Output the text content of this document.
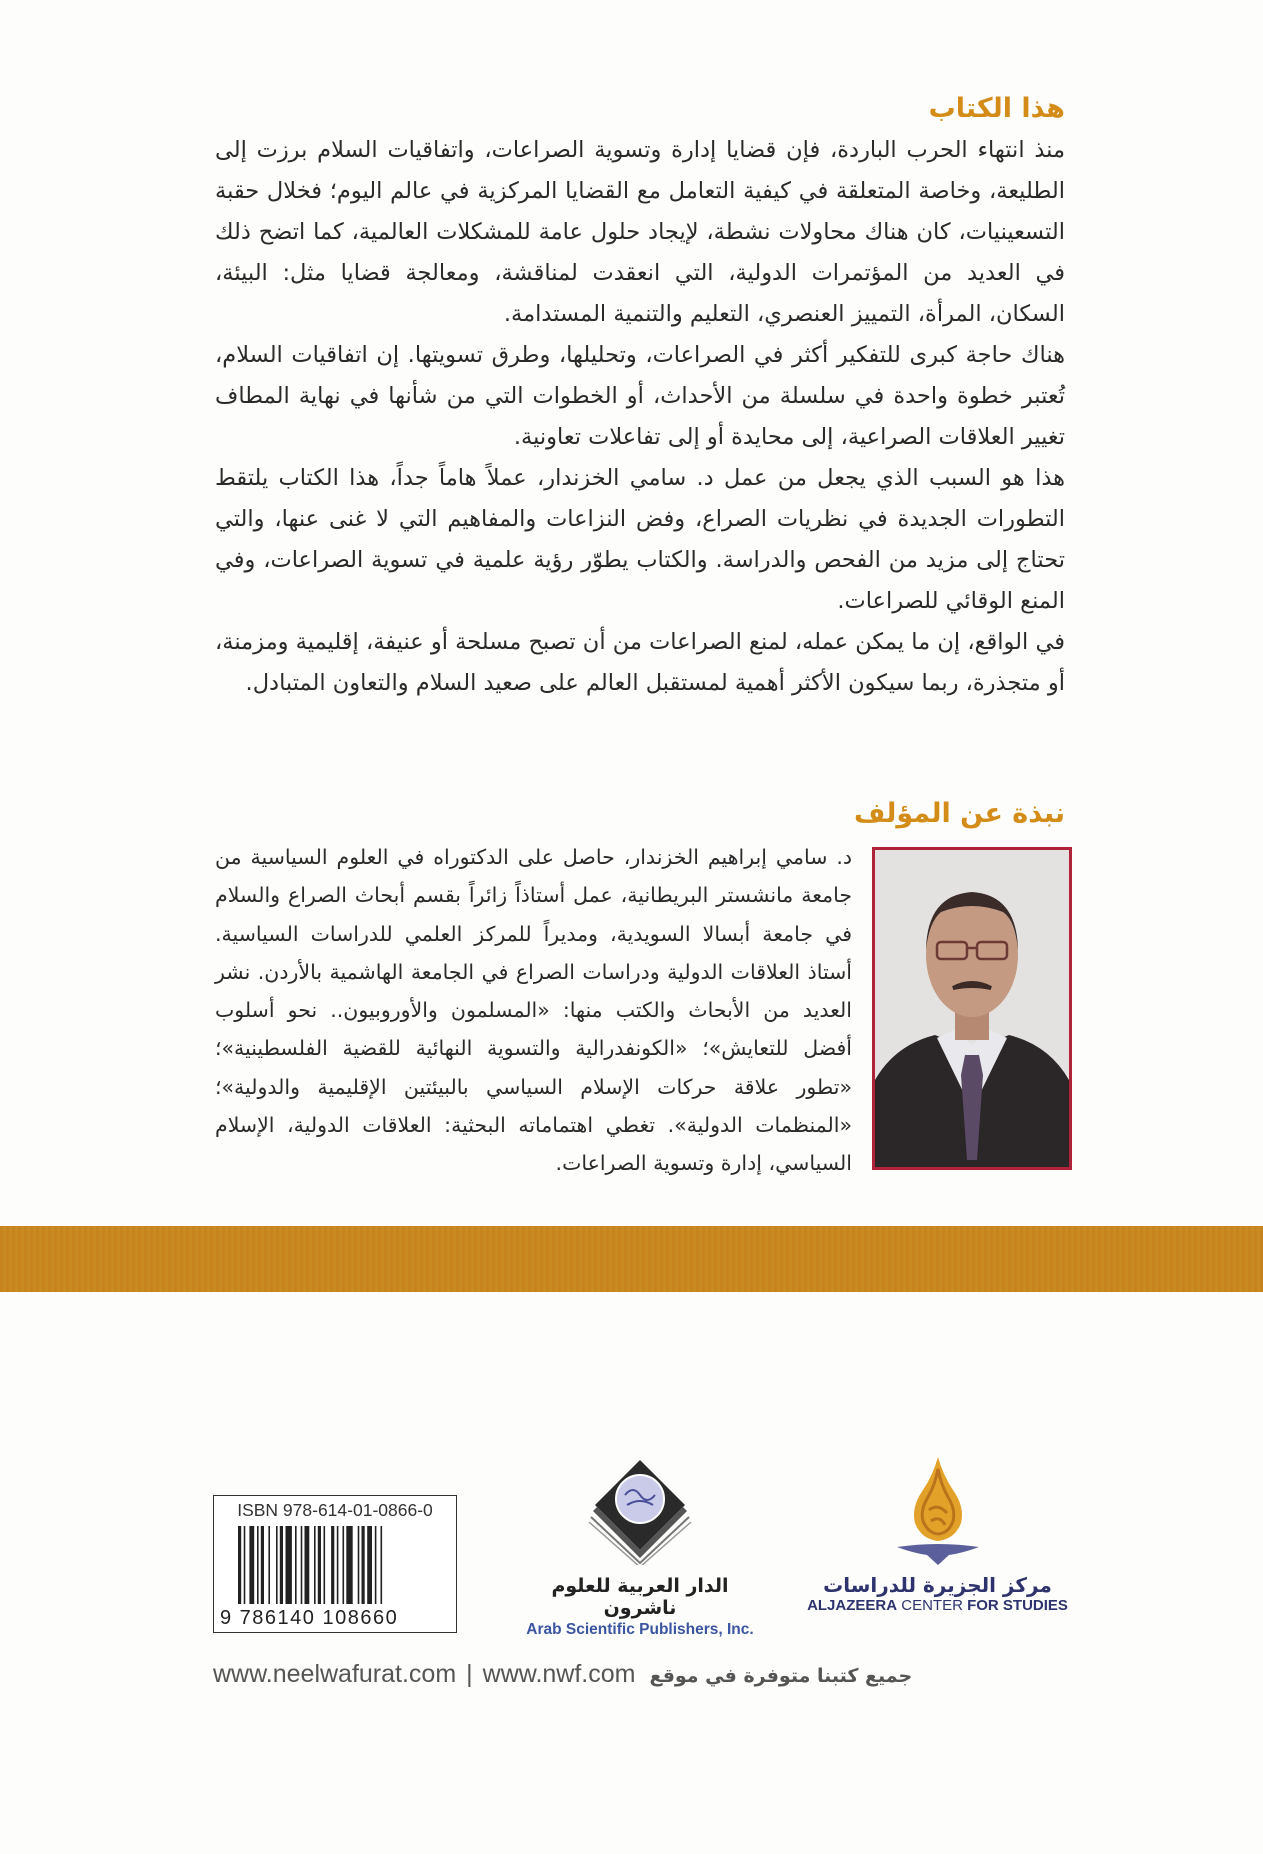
هذا الكتاب

منذ انتهاء الحرب الباردة، فإن قضايا إدارة وتسوية الصراعات، واتفاقيات السلام برزت إلى الطليعة، وخاصة المتعلقة في كيفية التعامل مع القضايا المركزية في عالم اليوم؛ فخلال حقبة التسعينيات، كان هناك محاولات نشطة، لإيجاد حلول عامة للمشكلات العالمية، كما اتضح ذلك في العديد من المؤتمرات الدولية، التي انعقدت لمناقشة، ومعالجة قضايا مثل: البيئة، السكان، المرأة، التمييز العنصري، التعليم والتنمية المستدامة.

هناك حاجة كبرى للتفكير أكثر في الصراعات، وتحليلها، وطرق تسويتها. إن اتفاقيات السلام، تُعتبر خطوة واحدة في سلسلة من الأحداث، أو الخطوات التي من شأنها في نهاية المطاف تغيير العلاقات الصراعية، إلى محايدة أو إلى تفاعلات تعاونية.

هذا هو السبب الذي يجعل من عمل د. سامي الخزندار، عملاً هاماً جداً، هذا الكتاب يلتقط التطورات الجديدة في نظريات الصراع، وفض النزاعات والمفاهيم التي لا غنى عنها، والتي تحتاج إلى مزيد من الفحص والدراسة. والكتاب يطوّر رؤية علمية في تسوية الصراعات، وفي المنع الوقائي للصراعات.

في الواقع، إن ما يمكن عمله، لمنع الصراعات من أن تصبح مسلحة أو عنيفة، إقليمية ومزمنة، أو متجذرة، ربما سيكون الأكثر أهمية لمستقبل العالم على صعيد السلام والتعاون المتبادل.

نبذة عن المؤلف

د. سامي إبراهيم الخزندار، حاصل على الدكتوراه في العلوم السياسية من جامعة مانشستر البريطانية، عمل أستاذاً زائراً بقسم أبحاث الصراع والسلام في جامعة أبسالا السويدية، ومديراً للمركز العلمي للدراسات السياسية. أستاذ العلاقات الدولية ودراسات الصراع في الجامعة الهاشمية بالأردن. نشر العديد من الأبحاث والكتب منها: «المسلمون والأوروبيون.. نحو أسلوب أفضل للتعايش»؛ «الكونفدرالية والتسوية النهائية للقضية الفلسطينية»؛ «تطور علاقة حركات الإسلام السياسي بالبيئتين الإقليمية والدولية»؛ «المنظمات الدولية». تغطي اهتماماته البحثية: العلاقات الدولية، الإسلام السياسي، إدارة وتسوية الصراعات.

ISBN 978-614-01-0866-0
9 786140 108660
الدار العربية للعلوم ناشرون
Arab Scientific Publishers, Inc.
مركز الجزيرة للدراسات
ALJAZEERA CENTER FOR STUDIES
www.neelwafurat.com | www.nwf.com جميع كتبنا متوفرة في موقع
